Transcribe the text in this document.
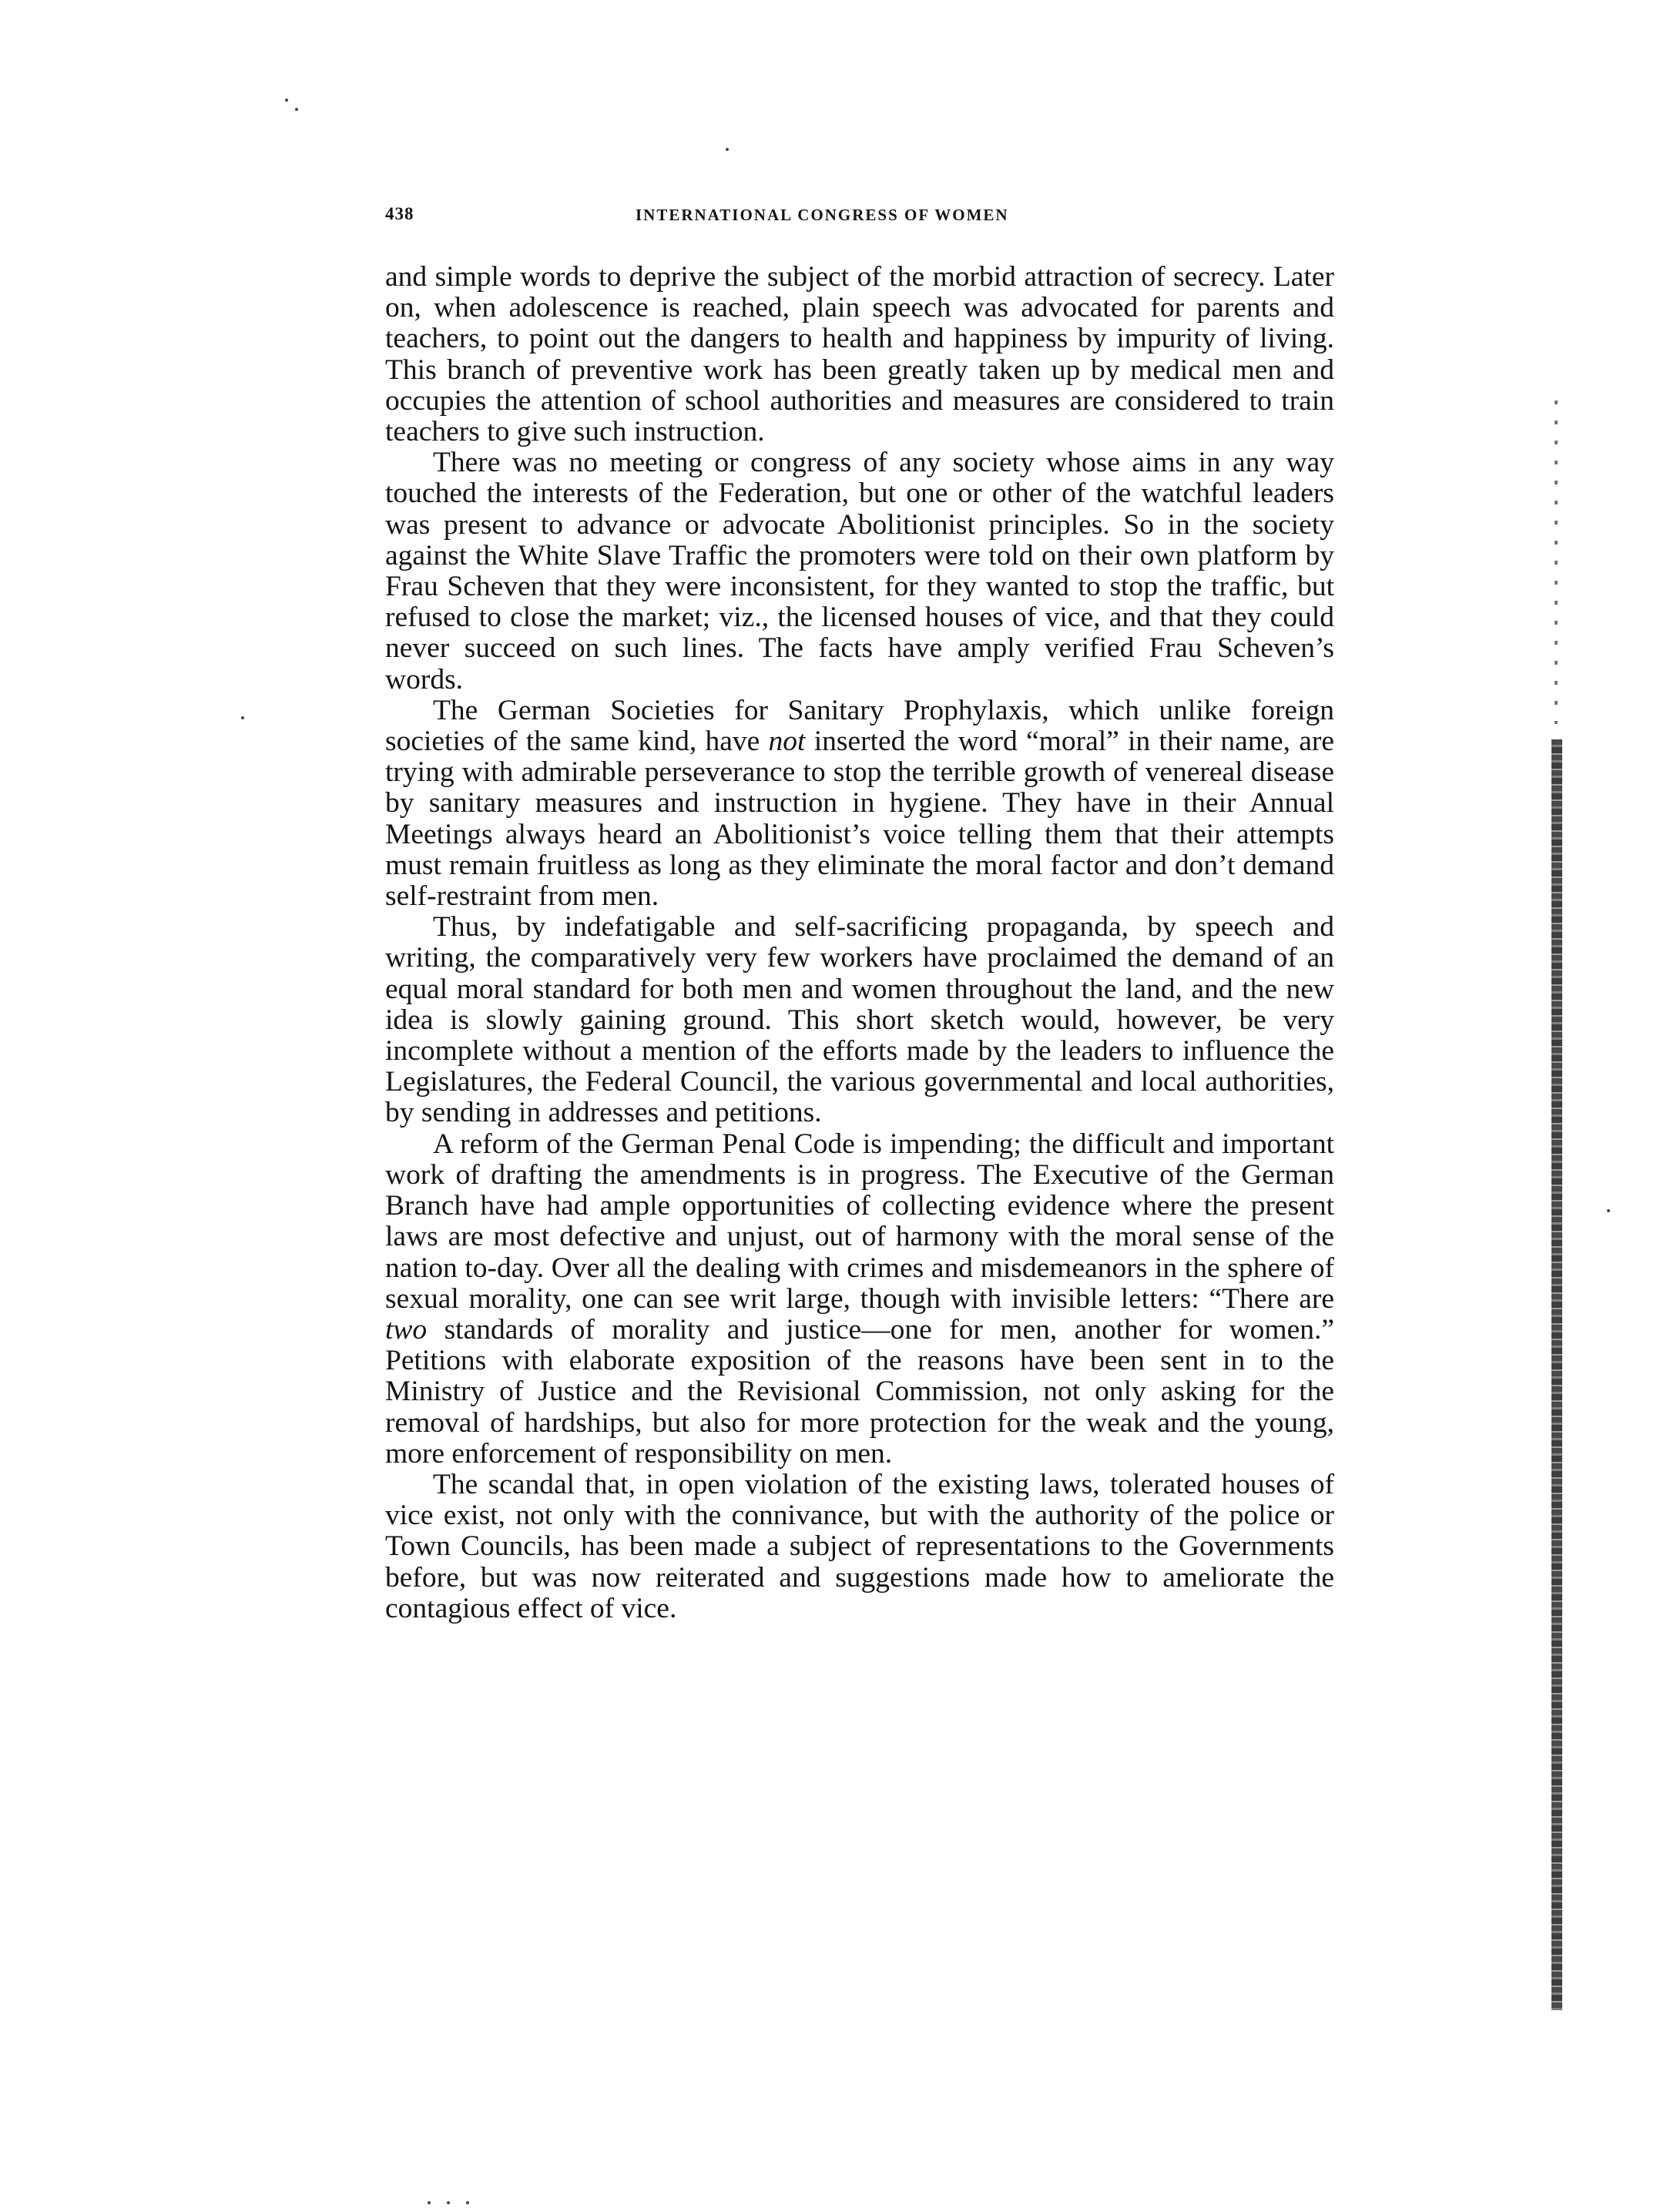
438	INTERNATIONAL CONGRESS OF WOMEN

and simple words to deprive the subject of the morbid attraction of secrecy. Later on, when adolescence is reached, plain speech was advocated for parents and teachers, to point out the dangers to health and happiness by impurity of living. This branch of preventive work has been greatly taken up by medical men and occupies the attention of school authorities and measures are considered to train teachers to give such instruction.

There was no meeting or congress of any society whose aims in any way touched the interests of the Federation, but one or other of the watchful leaders was present to advance or advocate Abolitionist principles. So in the society against the White Slave Traffic the promoters were told on their own platform by Frau Scheven that they were inconsistent, for they wanted to stop the traffic, but refused to close the market; viz., the licensed houses of vice, and that they could never succeed on such lines. The facts have amply verified Frau Scheven’s words.

The German Societies for Sanitary Prophylaxis, which unlike foreign societies of the same kind, have not inserted the word “moral” in their name, are trying with admirable perseverance to stop the terrible growth of venereal disease by sanitary measures and instruction in hygiene. They have in their Annual Meetings always heard an Abolitionist’s voice telling them that their attempts must remain fruitless as long as they eliminate the moral factor and don’t demand self-restraint from men.

Thus, by indefatigable and self-sacrificing propaganda, by speech and writing, the comparatively very few workers have proclaimed the demand of an equal moral standard for both men and women throughout the land, and the new idea is slowly gaining ground. This short sketch would, however, be very incomplete without a mention of the efforts made by the leaders to influence the Legislatures, the Federal Council, the various governmental and local authorities, by sending in addresses and petitions.

A reform of the German Penal Code is impending; the difficult and important work of drafting the amendments is in progress. The Executive of the German Branch have had ample opportunities of collecting evidence where the present laws are most defective and unjust, out of harmony with the moral sense of the nation to-day. Over all the dealing with crimes and misdemeanors in the sphere of sexual morality, one can see writ large, though with invisible letters: “There are two standards of morality and justice—one for men, another for women.” Petitions with elaborate exposition of the reasons have been sent in to the Ministry of Justice and the Revisional Commission, not only asking for the removal of hardships, but also for more protection for the weak and the young, more enforcement of responsibility on men.

The scandal that, in open violation of the existing laws, tolerated houses of vice exist, not only with the connivance, but with the authority of the police or Town Councils, has been made a subject of representations to the Governments before, but was now reiterated and suggestions made how to ameliorate the contagious effect of vice.
